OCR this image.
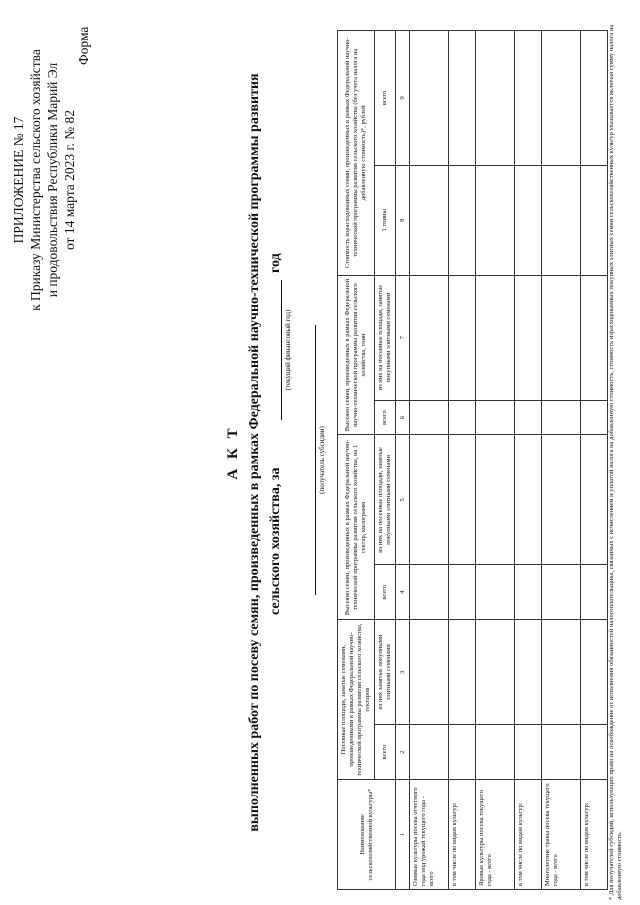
ПРИЛОЖЕНИЕ № 17 к Приказу Министерства сельского хозяйства и продовольствия Республики Марий Эл от 14 марта 2023 г. № 82
Форма
А К Т выполненных работ по посеву семян, произведенных в рамках Федеральной научно-технической программы развития сельского хозяйства, за
(текущий финансовый год)
год
(получатель субсидии)
Наименование сельскохозяйственной культуры*	Посевные площади, занятые семенами, произведенными в рамках Федеральной научно-технической программы развития сельского хозяйства, гектаров		Высеяно семян, произведенных в рамках Федеральной научно-технической программы развития сельского хозяйства, на 1 гектар, килограмм		Высеяно семян, произведенных в рамках Федеральной научно-технической программы развития сельского хозяйства, тонн		Стоимость израсходованных семян, произведенных в рамках Федеральной научно-технической программы развития сельского хозяйства (без учета налога на добавленную стоимость)*, рублей	
	всего	из них занятые покупными элитными семенами	всего	из них на посевные площади, занятые покупными элитными семенами	всего	из них на посевные площади, занятые покупными элитными семенами	1 тонны	всего
1	2	3	4	5	6	7	8	9
Озимые культуры посева отчетного года под урожай текущего года - всего								
в том числе по видам культур:								
Яровые культуры посева текущего года - всего								
в том числе по видам культур:								
Многолетние травы посева текущего года - всего								
в том числе по видам культур:									* Для получателей субсидий, использующих право на освобождение от исполнения обязанностей налогоплательщика, связанных с исчислением и уплатой налога на добавленную стоимость, стоимость израсходованных покупных элитных семян сельскохозяйственных культур указывается включая сумму налога на добавленную стоимость.
